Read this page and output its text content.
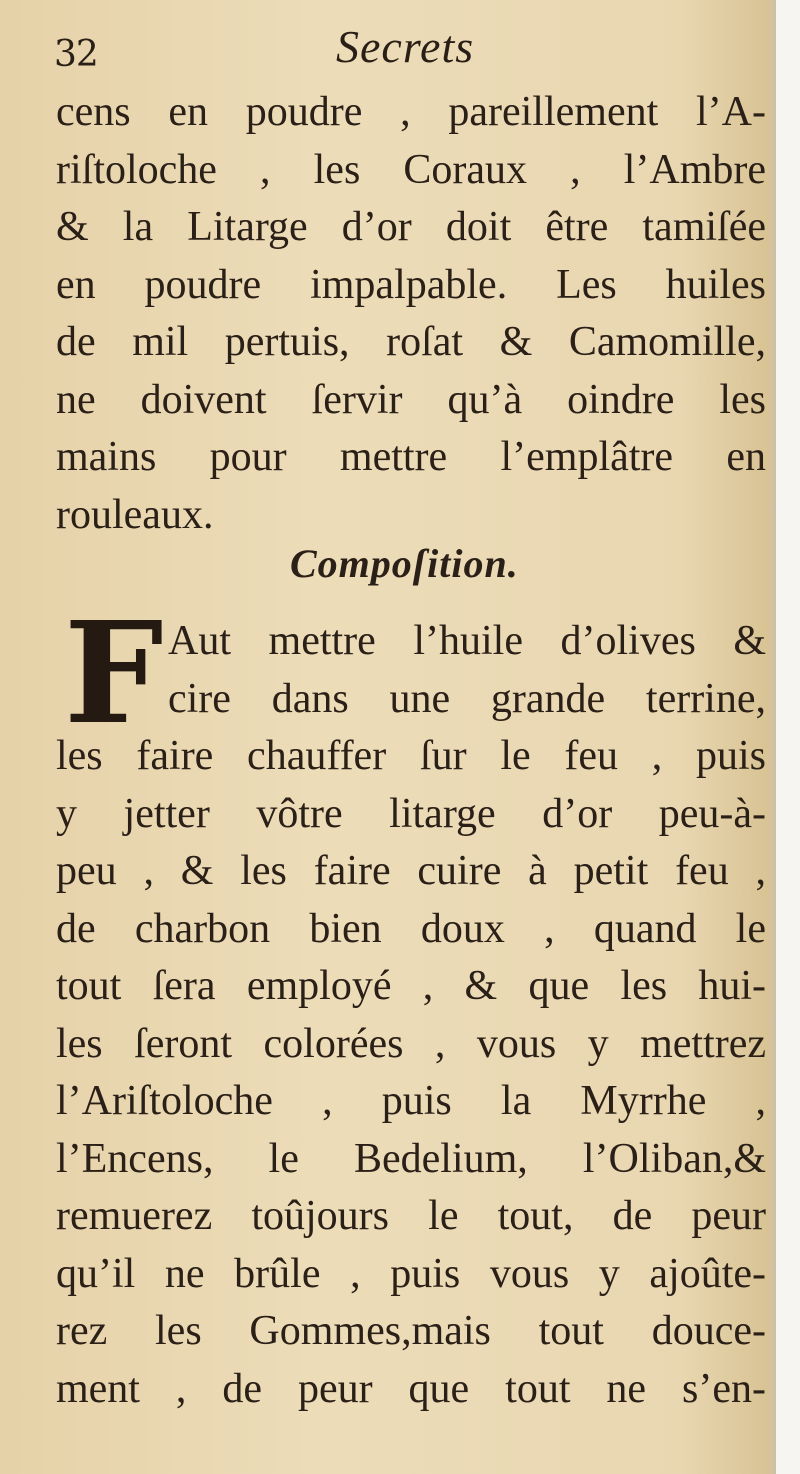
32	Secrets
cens en poudre , pareillement l’A-
riſtoloche , les Coraux , l’Ambre
& la Litarge d’or doit être tamiſée
en poudre impalpable. Les huiles
de mil pertuis, roſat & Camomille,
ne doivent ſervir qu’à oindre les
mains pour mettre l’emplâtre en
rouleaux.
Compoſition.
F Aut mettre l’huile d’olives &
cire dans une grande terrine,
les faire chauffer ſur le feu , puis
y jetter vôtre litarge d’or peu-à-
peu , & les faire cuire à petit feu ,
de charbon bien doux , quand le
tout ſera employé , & que les hui-
les ſeront colorées , vous y mettrez
l’Ariſtoloche , puis la Myrrhe ,
l’Encens, le Bedelium, l’Oliban,&
remuerez toûjours le tout, de peur
qu’il ne brûle , puis vous y ajoûte-
rez les Gommes,mais tout douce-
ment , de peur que tout ne s’en-
